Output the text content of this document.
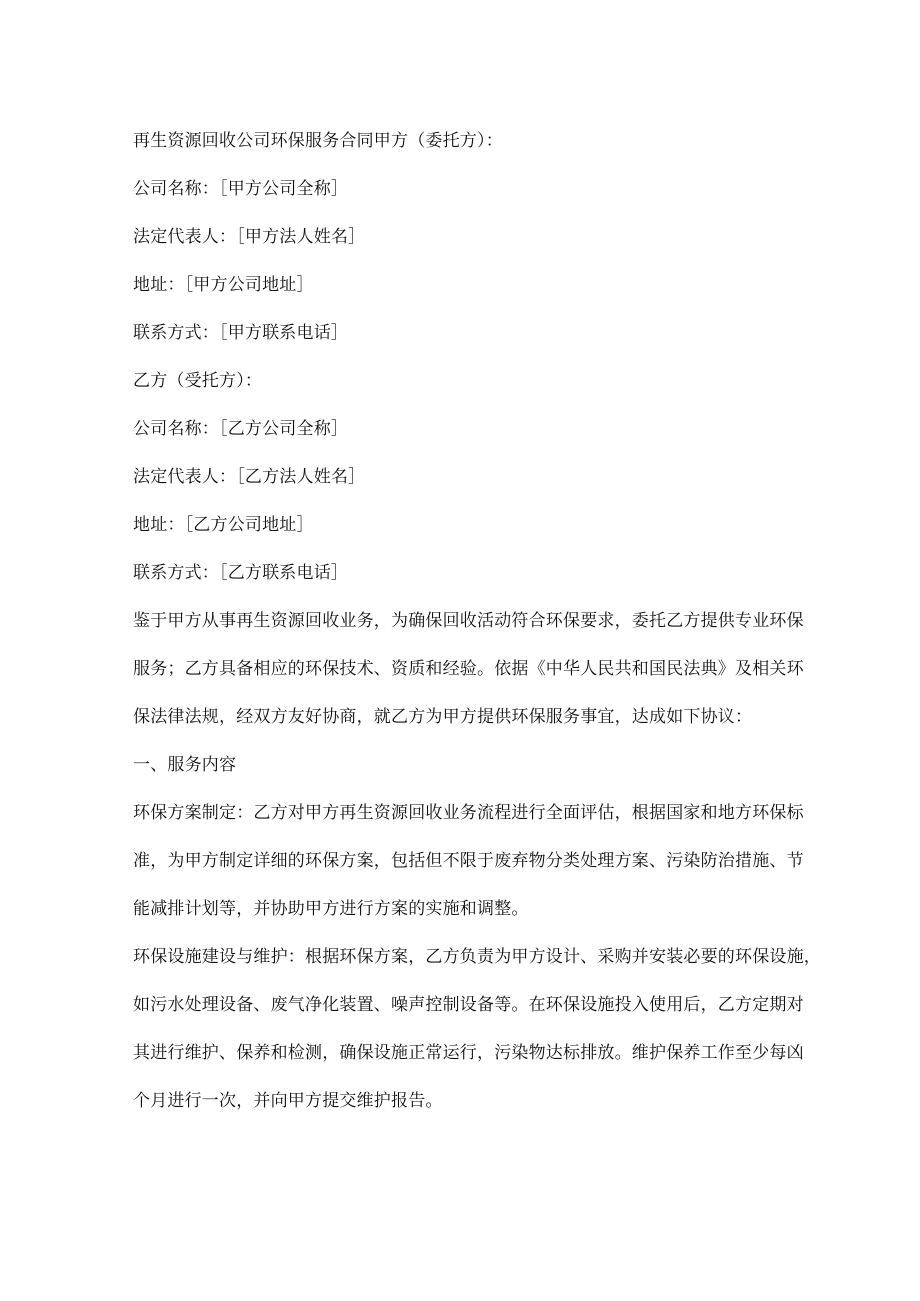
再生资源回收公司环保服务合同甲方（委托方）：

公司名称：［甲方公司全称］

法定代表人：［甲方法人姓名］

地址：［甲方公司地址］

联系方式：［甲方联系电话］

乙方（受托方）：

公司名称：［乙方公司全称］

法定代表人：［乙方法人姓名］

地址：［乙方公司地址］

联系方式：［乙方联系电话］

鉴于甲方从事再生资源回收业务，为确保回收活动符合环保要求，委托乙方提供专业环保
服务；乙方具备相应的环保技术、资质和经验。依据《中华人民共和国民法典》及相关环
保法律法规，经双方友好协商，就乙方为甲方提供环保服务事宜，达成如下协议：

一、服务内容

环保方案制定：乙方对甲方再生资源回收业务流程进行全面评估，根据国家和地方环保标
准，为甲方制定详细的环保方案，包括但不限于废弃物分类处理方案、污染防治措施、节
能减排计划等，并协助甲方进行方案的实施和调整。
环保设施建设与维护：根据环保方案，乙方负责为甲方设计、采购并安装必要的环保设施，
如污水处理设备、废气净化装置、噪声控制设备等。在环保设施投入使用后，乙方定期对
其进行维护、保养和检测，确保设施正常运行，污染物达标排放。维护保养工作至少每凶
个月进行一次，并向甲方提交维护报告。
